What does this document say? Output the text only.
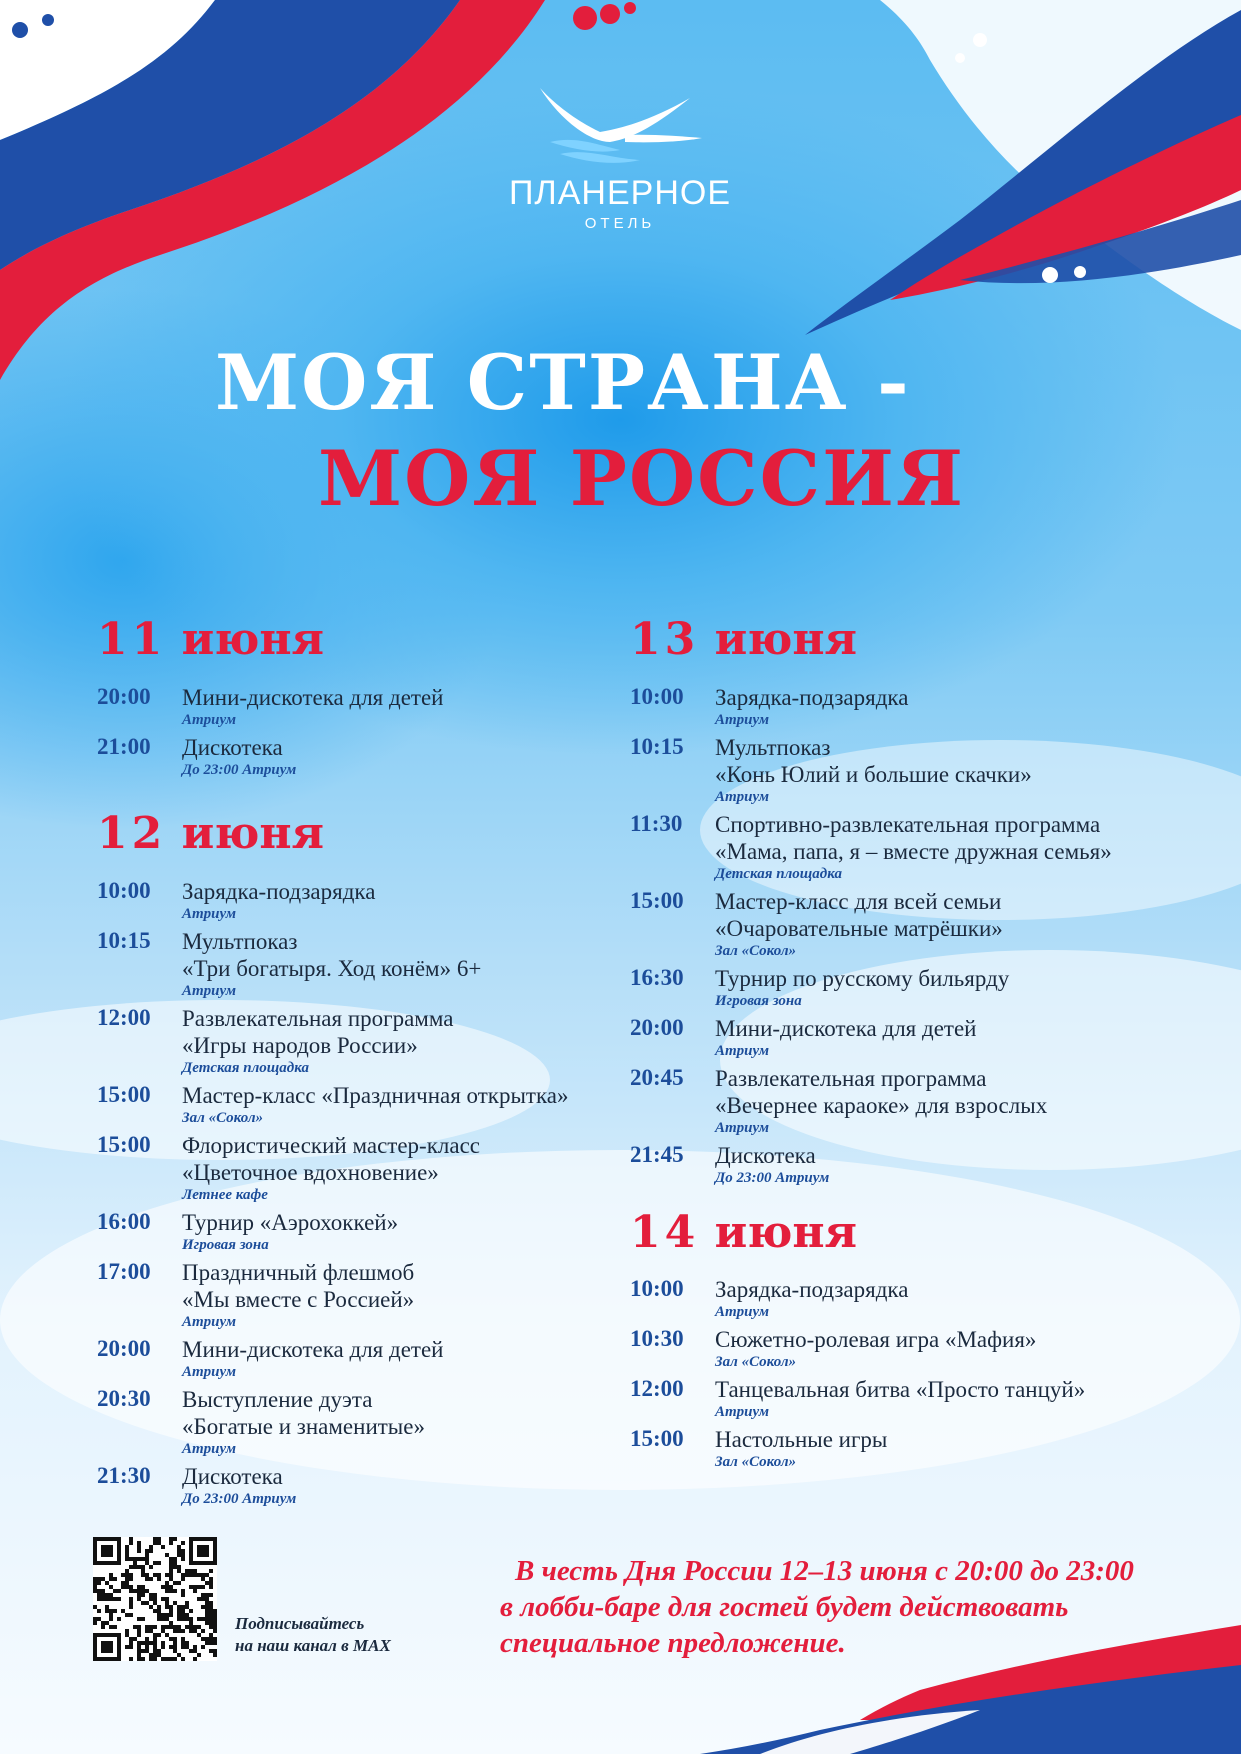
ПЛАНЕРНОЕ
ОТЕЛЬ
МОЯ СТРАНА -
МОЯ РОССИЯ
11 июня
12 июня
13 июня
14 июня
20:00	Мини-дискотека для детей
Атриум
21:00	Дискотека
До 23:00 Атриум
10:00	Зарядка-подзарядка
Атриум
10:15	Мультпоказ
«Три богатыря. Ход конём» 6+
Атриум
12:00	Развлекательная программа
«Игры народов России»
Детская площадка
15:00	Мастер-класс «Праздничная открытка»
Зал «Сокол»
15:00	Флористический мастер-класс
«Цветочное вдохновение»
Летнее кафе
16:00	Турнир «Аэрохоккей»
Игровая зона
17:00	Праздничный флешмоб
«Мы вместе с Россией»
Атриум
20:00	Мини-дискотека для детей
Атриум
20:30	Выступление дуэта
«Богатые и знаменитые»
Атриум
21:30	Дискотека
До 23:00 Атриум
10:00	Зарядка-подзарядка
Атриум
10:15	Мультпоказ
«Конь Юлий и большие скачки»
Атриум
11:30	Спортивно-развлекательная программа
«Мама, папа, я – вместе дружная семья»
Детская площадка
15:00	Мастер-класс для всей семьи
«Очаровательные матрёшки»
Зал «Сокол»
16:30	Турнир по русскому бильярду
Игровая зона
20:00	Мини-дискотека для детей
Атриум
20:45	Развлекательная программа
«Вечернее караоке» для взрослых
Атриум
21:45	Дискотека
До 23:00 Атриум
10:00	Зарядка-подзарядка
Атриум
10:30	Сюжетно-ролевая игра «Мафия»
Зал «Сокол»
12:00	Танцевальная битва «Просто танцуй»
Атриум
15:00	Настольные игры
Зал «Сокол»
Подписывайтесь
на наш канал в MAX
В честь Дня России 12–13 июня с 20:00 до 23:00
в лобби-баре для гостей будет действовать
специальное предложение.
